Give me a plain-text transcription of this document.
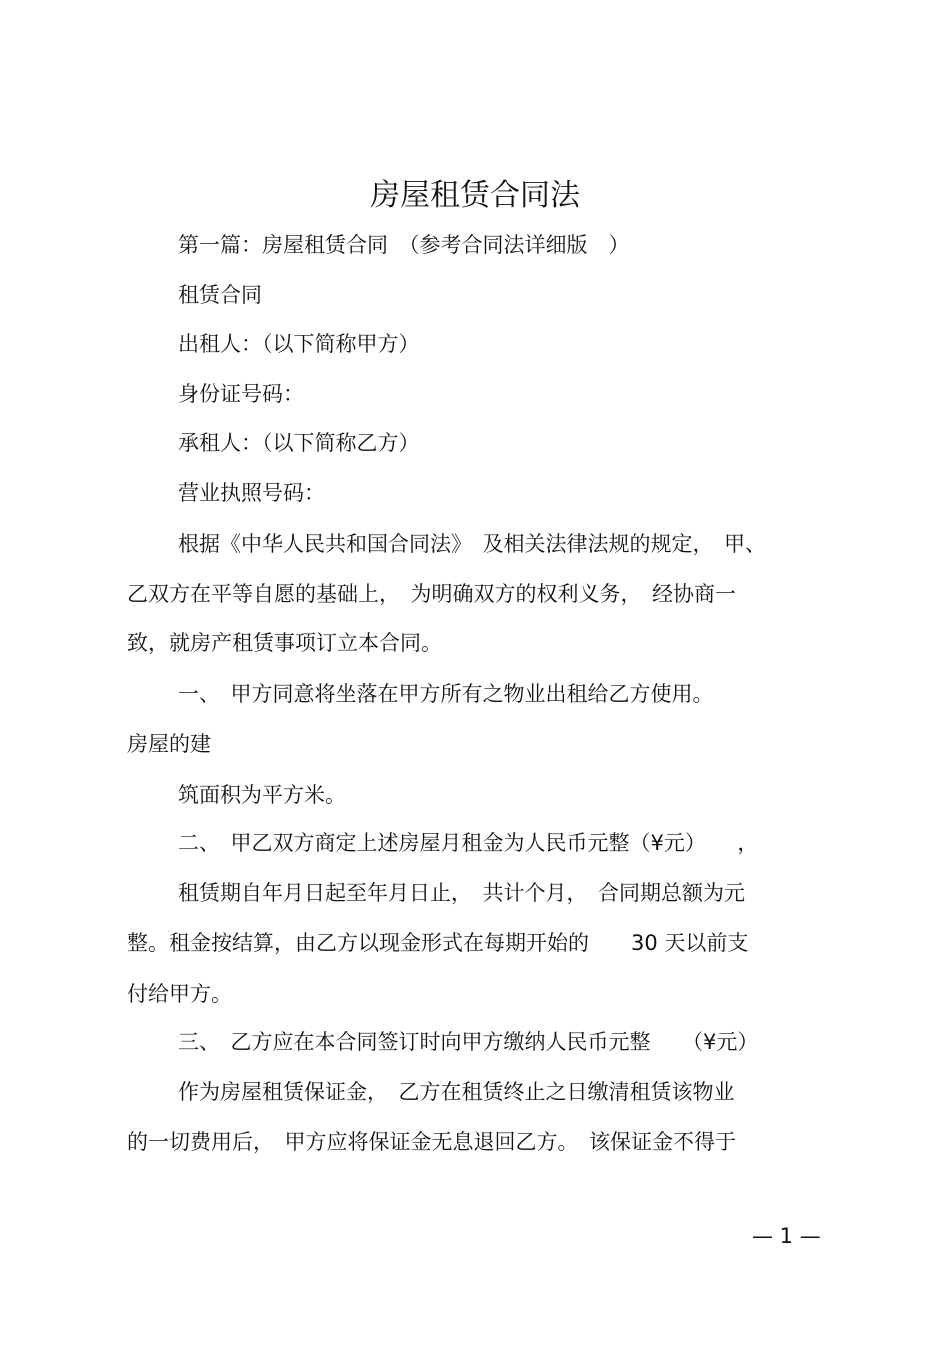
房屋租赁合同法
第一篇：房屋租赁合同　（参考合同法详细版　）
租赁合同
出租人：（以下简称甲方）
身份证号码：
承租人：（以下简称乙方）
营业执照号码：
根据《中华人民共和国合同法》　及相关法律法规的规定，　甲、
乙双方在平等自愿的基础上，　为明确双方的权利义务，　经协商一
致，就房产租赁事项订立本合同。
一、　甲方同意将坐落在甲方所有之物业出租给乙方使用。
房屋的建
筑面积为平方米。
二、　甲乙双方商定上述房屋月租金为人民币元整（¥元）　　，
租赁期自年月日起至年月日止，　共计个月，　合同期总额为元
整。租金按结算，由乙方以现金形式在每期开始的　　30 天以前支
付给甲方。
三、　乙方应在本合同签订时向甲方缴纳人民币元整　　（¥元）
作为房屋租赁保证金，　乙方在租赁终止之日缴清租赁该物业
的一切费用后，　甲方应将保证金无息退回乙方。　该保证金不得于
— 1 —
